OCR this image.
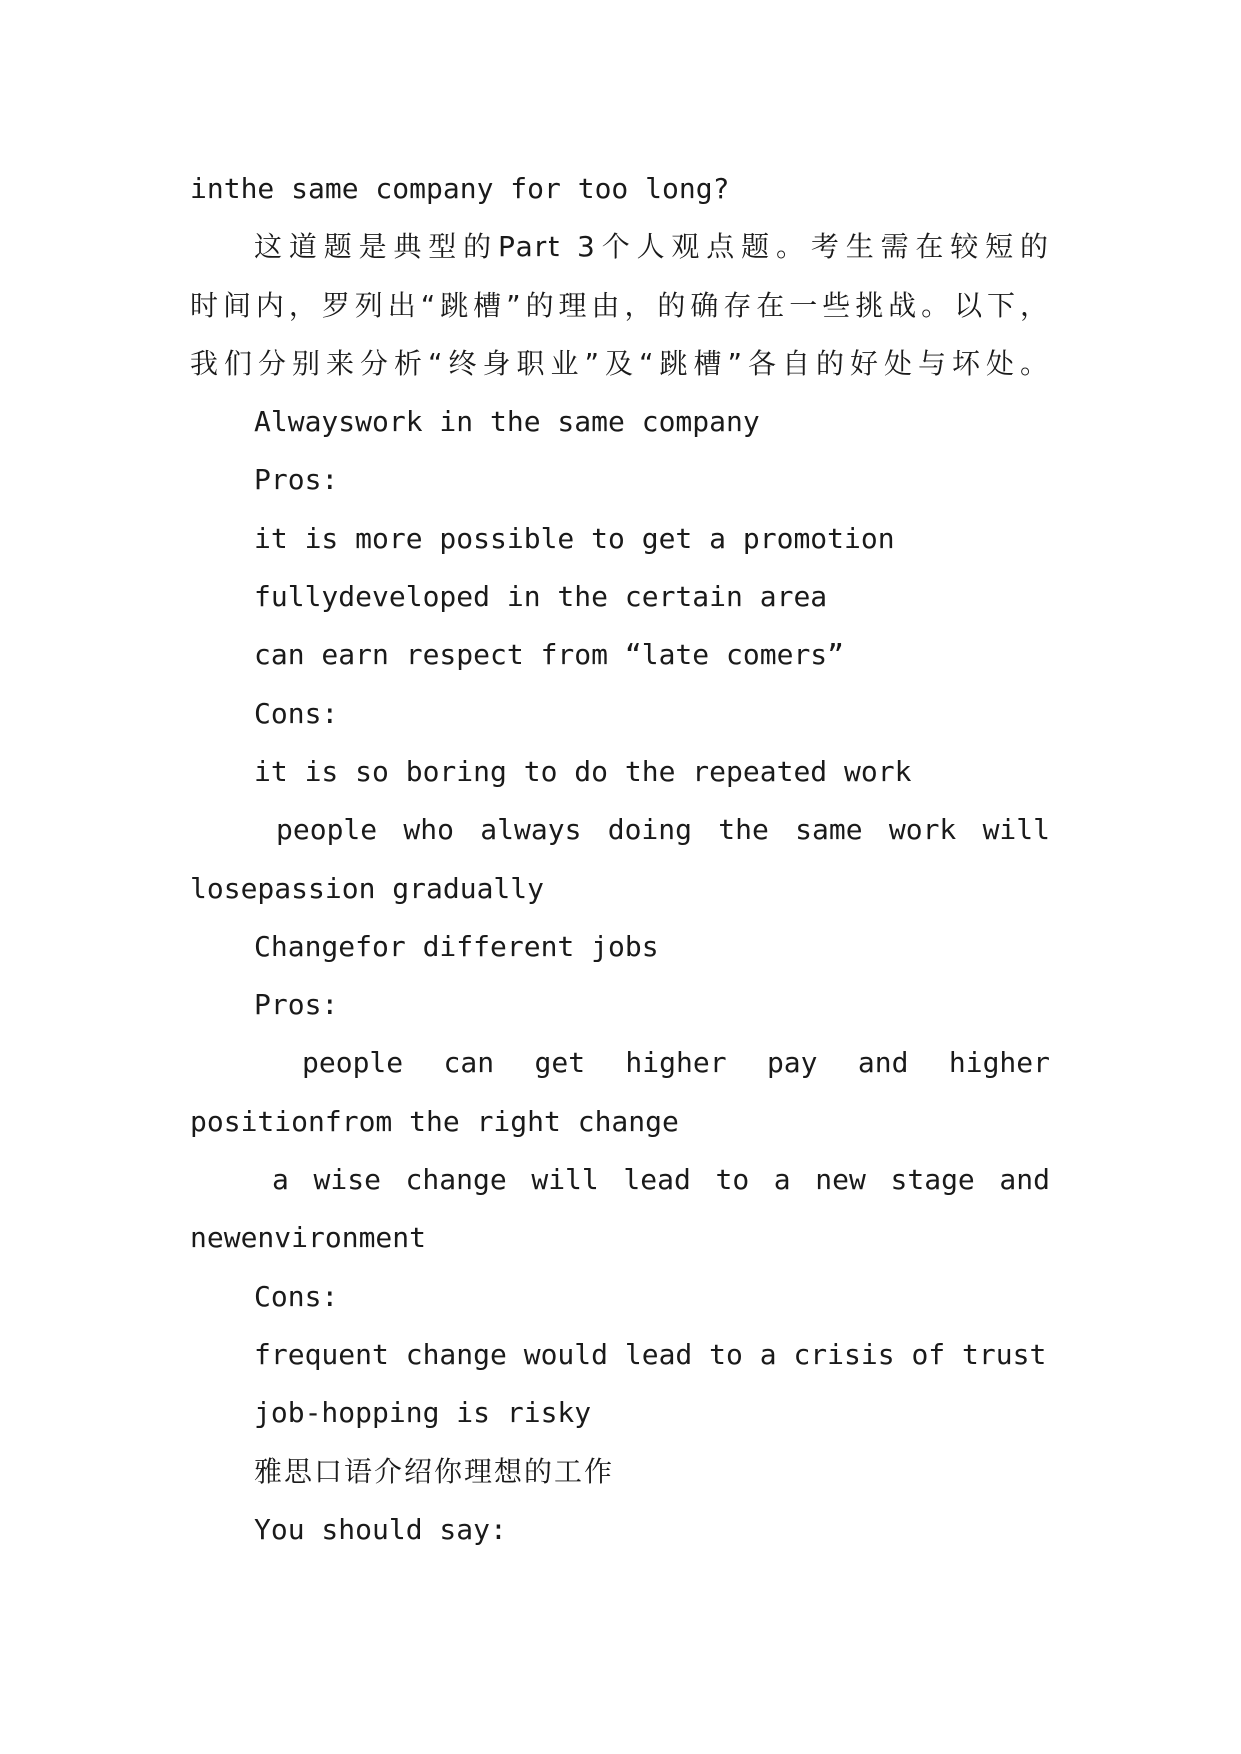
inthe same company for too long?
这道题是典型的Part 3个人观点题。考生需在较短的
时间内，罗列出“跳槽”的理由，的确存在一些挑战。以下，
我们分别来分析“终身职业”及“跳槽”各自的好处与坏处。
Alwayswork in the same company
Pros:
it is more possible to get a promotion
fullydeveloped in the certain area
can earn respect from “late comers”
Cons:
it is so boring to do the repeated work
people who always doing the same work will
losepassion gradually
Changefor different jobs
Pros:
people can get higher pay and higher
positionfrom the right change
a wise change will lead to a new stage and
newenvironment
Cons:
frequent change would lead to a crisis of trust
job-hopping is risky
雅思口语介绍你理想的工作
You should say:
